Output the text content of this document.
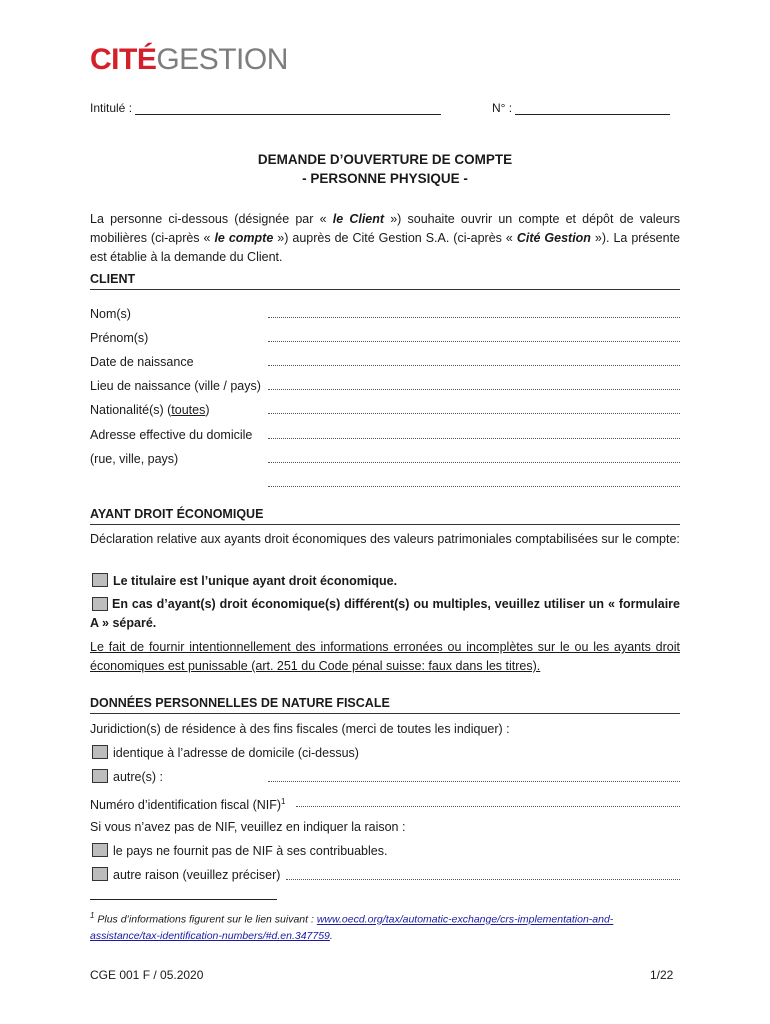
CITÉGESTION
Intitulé :	N° :
DEMANDE D’OUVERTURE DE COMPTE
- PERSONNE PHYSIQUE -
La personne ci-dessous (désignée par « le Client ») souhaite ouvrir un compte et dépôt de valeurs mobilières (ci-après « le compte ») auprès de Cité Gestion S.A. (ci-après « Cité Gestion »). La présente est établie à la demande du Client.
CLIENT
Nom(s)
Prénom(s)
Date de naissance
Lieu de naissance (ville / pays)
Nationalité(s) (toutes)
Adresse effective du domicile
(rue, ville, pays)
AYANT DROIT ÉCONOMIQUE
Déclaration relative aux ayants droit économiques des valeurs patrimoniales comptabilisées sur le compte:
Le titulaire est l’unique ayant droit économique.
En cas d’ayant(s) droit économique(s) différent(s) ou multiples, veuillez utiliser un « formulaire A » séparé.
Le fait de fournir intentionnellement des informations erronées ou incomplètes sur le ou les ayants droit économiques est punissable (art. 251 du Code pénal suisse: faux dans les titres).
DONNÉES PERSONNELLES DE NATURE FISCALE
Juridiction(s) de résidence à des fins fiscales (merci de toutes les indiquer) :
identique à l’adresse de domicile (ci-dessus)
autre(s) :
Numéro d’identification fiscal (NIF)$^1$
Si vous n’avez pas de NIF, veuillez en indiquer la raison :
le pays ne fournit pas de NIF à ses contribuables.
autre raison (veuillez préciser)
$^1$ Plus d’informations figurent sur le lien suivant : www.oecd.org/tax/automatic-exchange/crs-implementation-and-assistance/tax-identification-numbers/#d.en.347759.
CGE 001 F / 05.2020	1/22
